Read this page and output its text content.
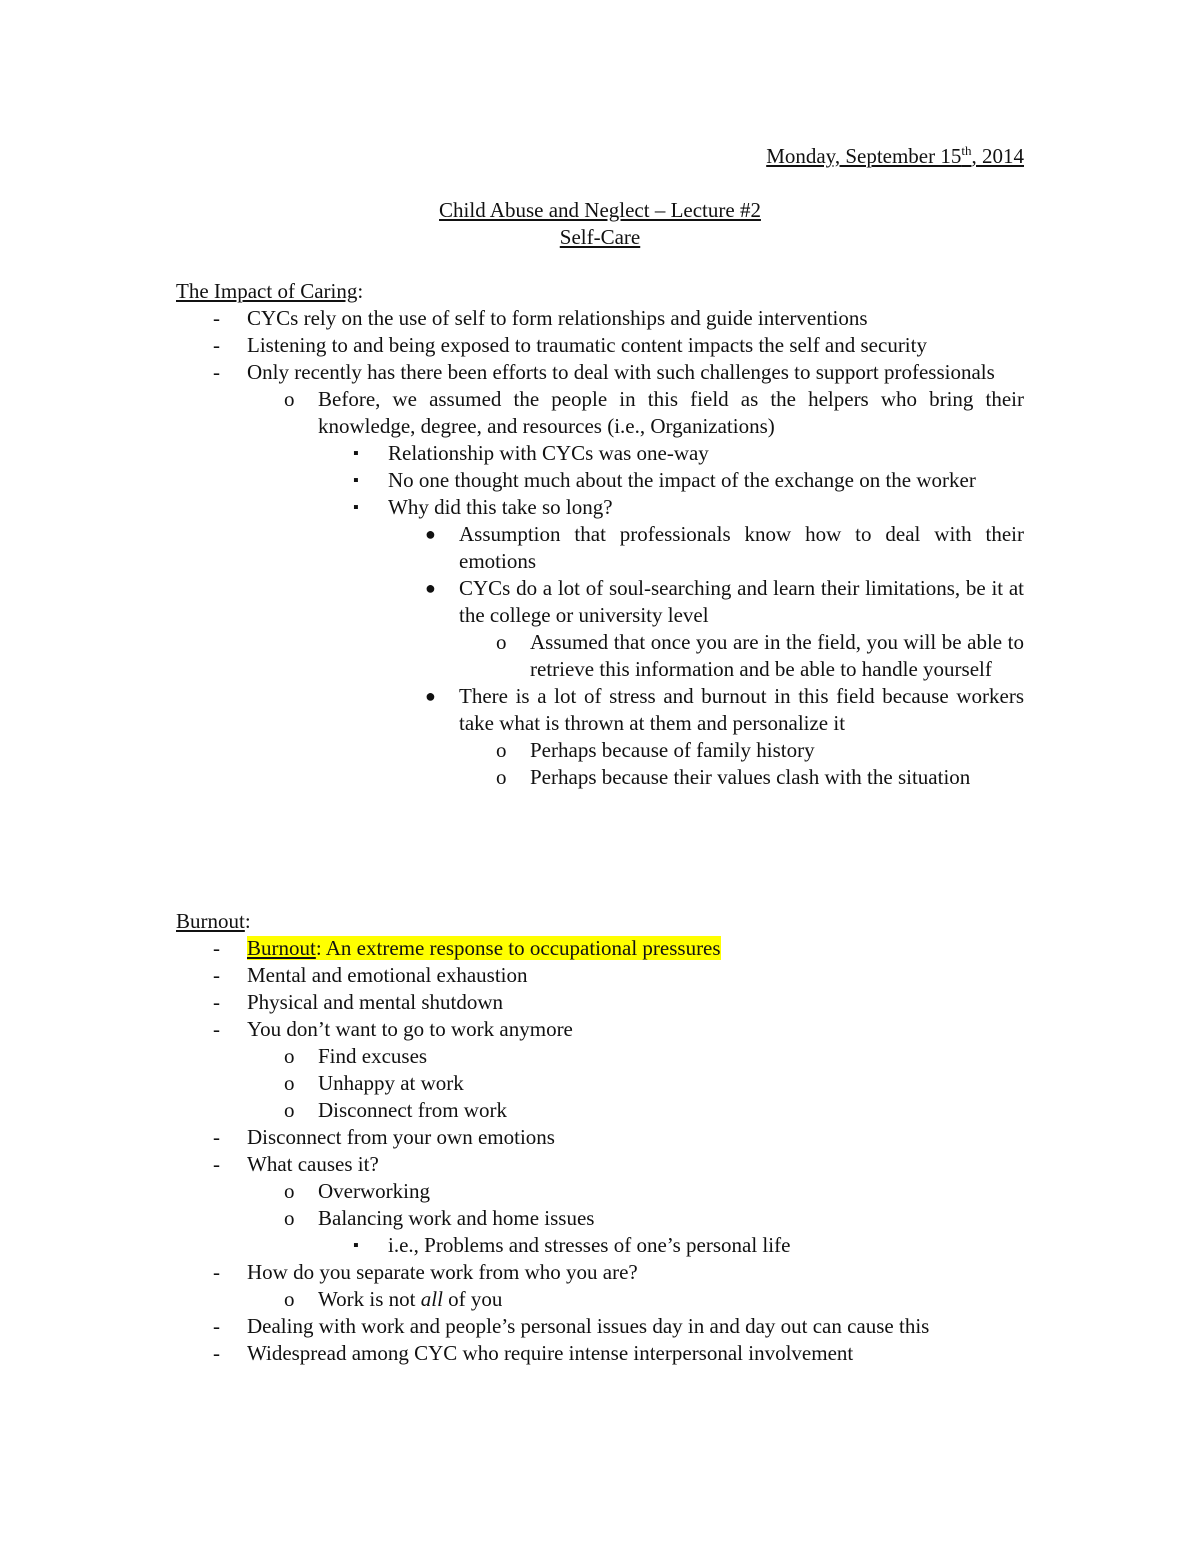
Monday, September 15th, 2014
Child Abuse and Neglect – Lecture #2
Self-Care
The Impact of Caring:
- CYCs rely on the use of self to form relationships and guide interventions
- Listening to and being exposed to traumatic content impacts the self and security
- Only recently has there been efforts to deal with such challenges to support professionals
o Before, we assumed the people in this field as the helpers who bring their knowledge, degree, and resources (i.e., Organizations)
▪ Relationship with CYCs was one-way
▪ No one thought much about the impact of the exchange on the worker
▪ Why did this take so long?
● Assumption that professionals know how to deal with their emotions
● CYCs do a lot of soul-searching and learn their limitations, be it at the college or university level
o Assumed that once you are in the field, you will be able to retrieve this information and be able to handle yourself
● There is a lot of stress and burnout in this field because workers take what is thrown at them and personalize it
o Perhaps because of family history
o Perhaps because their values clash with the situation
Burnout:
- Burnout: An extreme response to occupational pressures
- Mental and emotional exhaustion
- Physical and mental shutdown
- You don’t want to go to work anymore
o Find excuses
o Unhappy at work
o Disconnect from work
- Disconnect from your own emotions
- What causes it?
o Overworking
o Balancing work and home issues
▪ i.e., Problems and stresses of one’s personal life
- How do you separate work from who you are?
o Work is not all of you
- Dealing with work and people’s personal issues day in and day out can cause this
- Widespread among CYC who require intense interpersonal involvement
